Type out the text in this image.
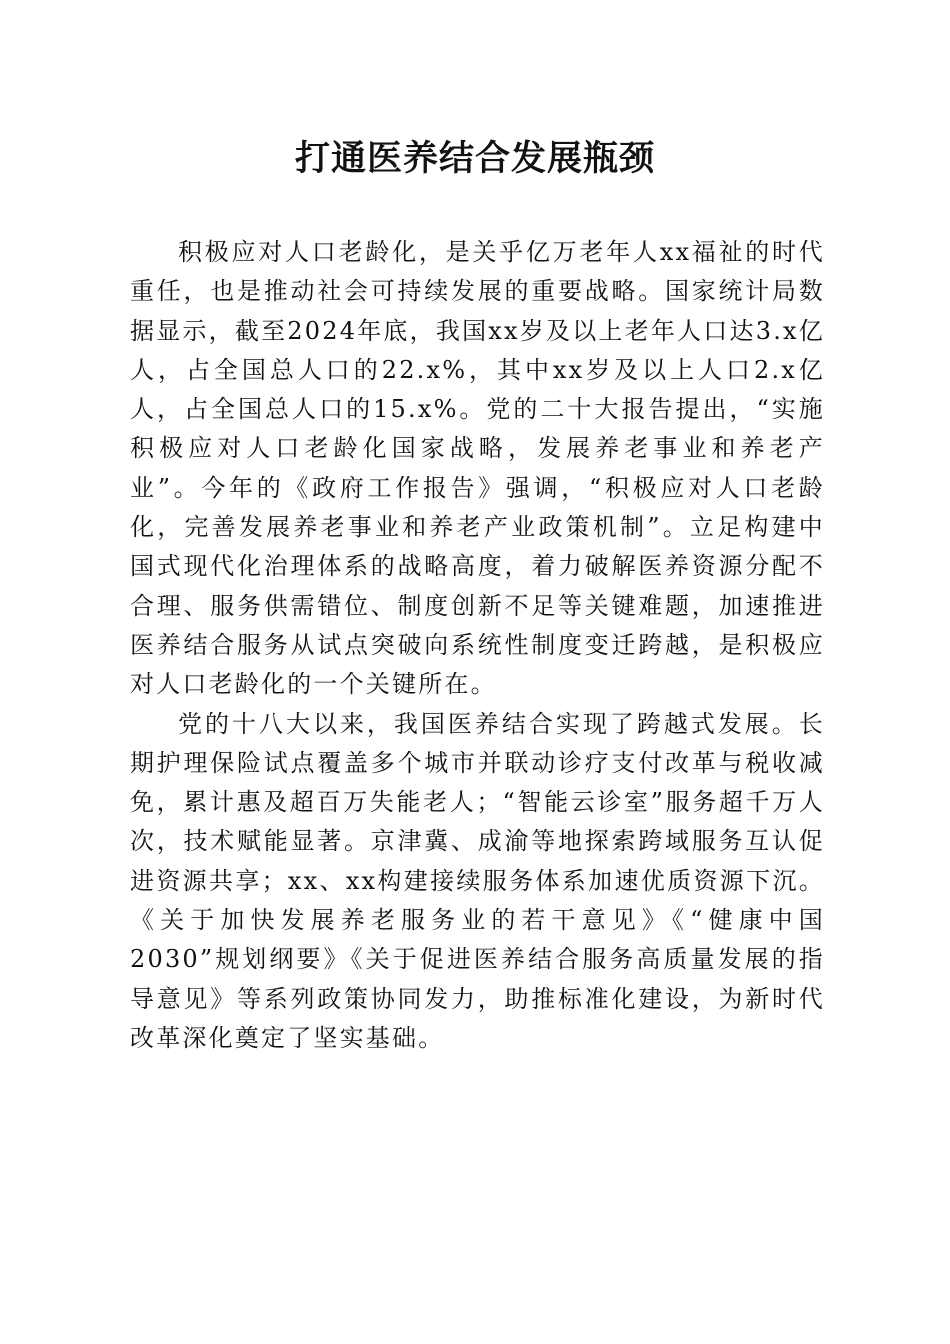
打通医养结合发展瓶颈

积极应对人口老龄化，是关乎亿万老年人xx福祉的时代重任，也是推动社会可持续发展的重要战略。国家统计局数据显示，截至2024年底，我国xx岁及以上老年人口达3.x亿人，占全国总人口的22.x%，其中xx岁及以上人口2.x亿人，占全国总人口的15.x%。党的二十大报告提出，“实施积极应对人口老龄化国家战略，发展养老事业和养老产业”。今年的《政府工作报告》强调，“积极应对人口老龄化，完善发展养老事业和养老产业政策机制”。立足构建中国式现代化治理体系的战略高度，着力破解医养资源分配不合理、服务供需错位、制度创新不足等关键难题，加速推进医养结合服务从试点突破向系统性制度变迁跨越，是积极应对人口老龄化的一个关键所在。

党的十八大以来，我国医养结合实现了跨越式发展。长期护理保险试点覆盖多个城市并联动诊疗支付改革与税收减免，累计惠及超百万失能老人；“智能云诊室”服务超千万人次，技术赋能显著。京津冀、成渝等地探索跨域服务互认促进资源共享；xx、xx构建接续服务体系加速优质资源下沉。《关于加快发展养老服务业的若干意见》《“健康中国2030”规划纲要》《关于促进医养结合服务高质量发展的指导意见》等系列政策协同发力，助推标准化建设，为新时代改革深化奠定了坚实基础。
